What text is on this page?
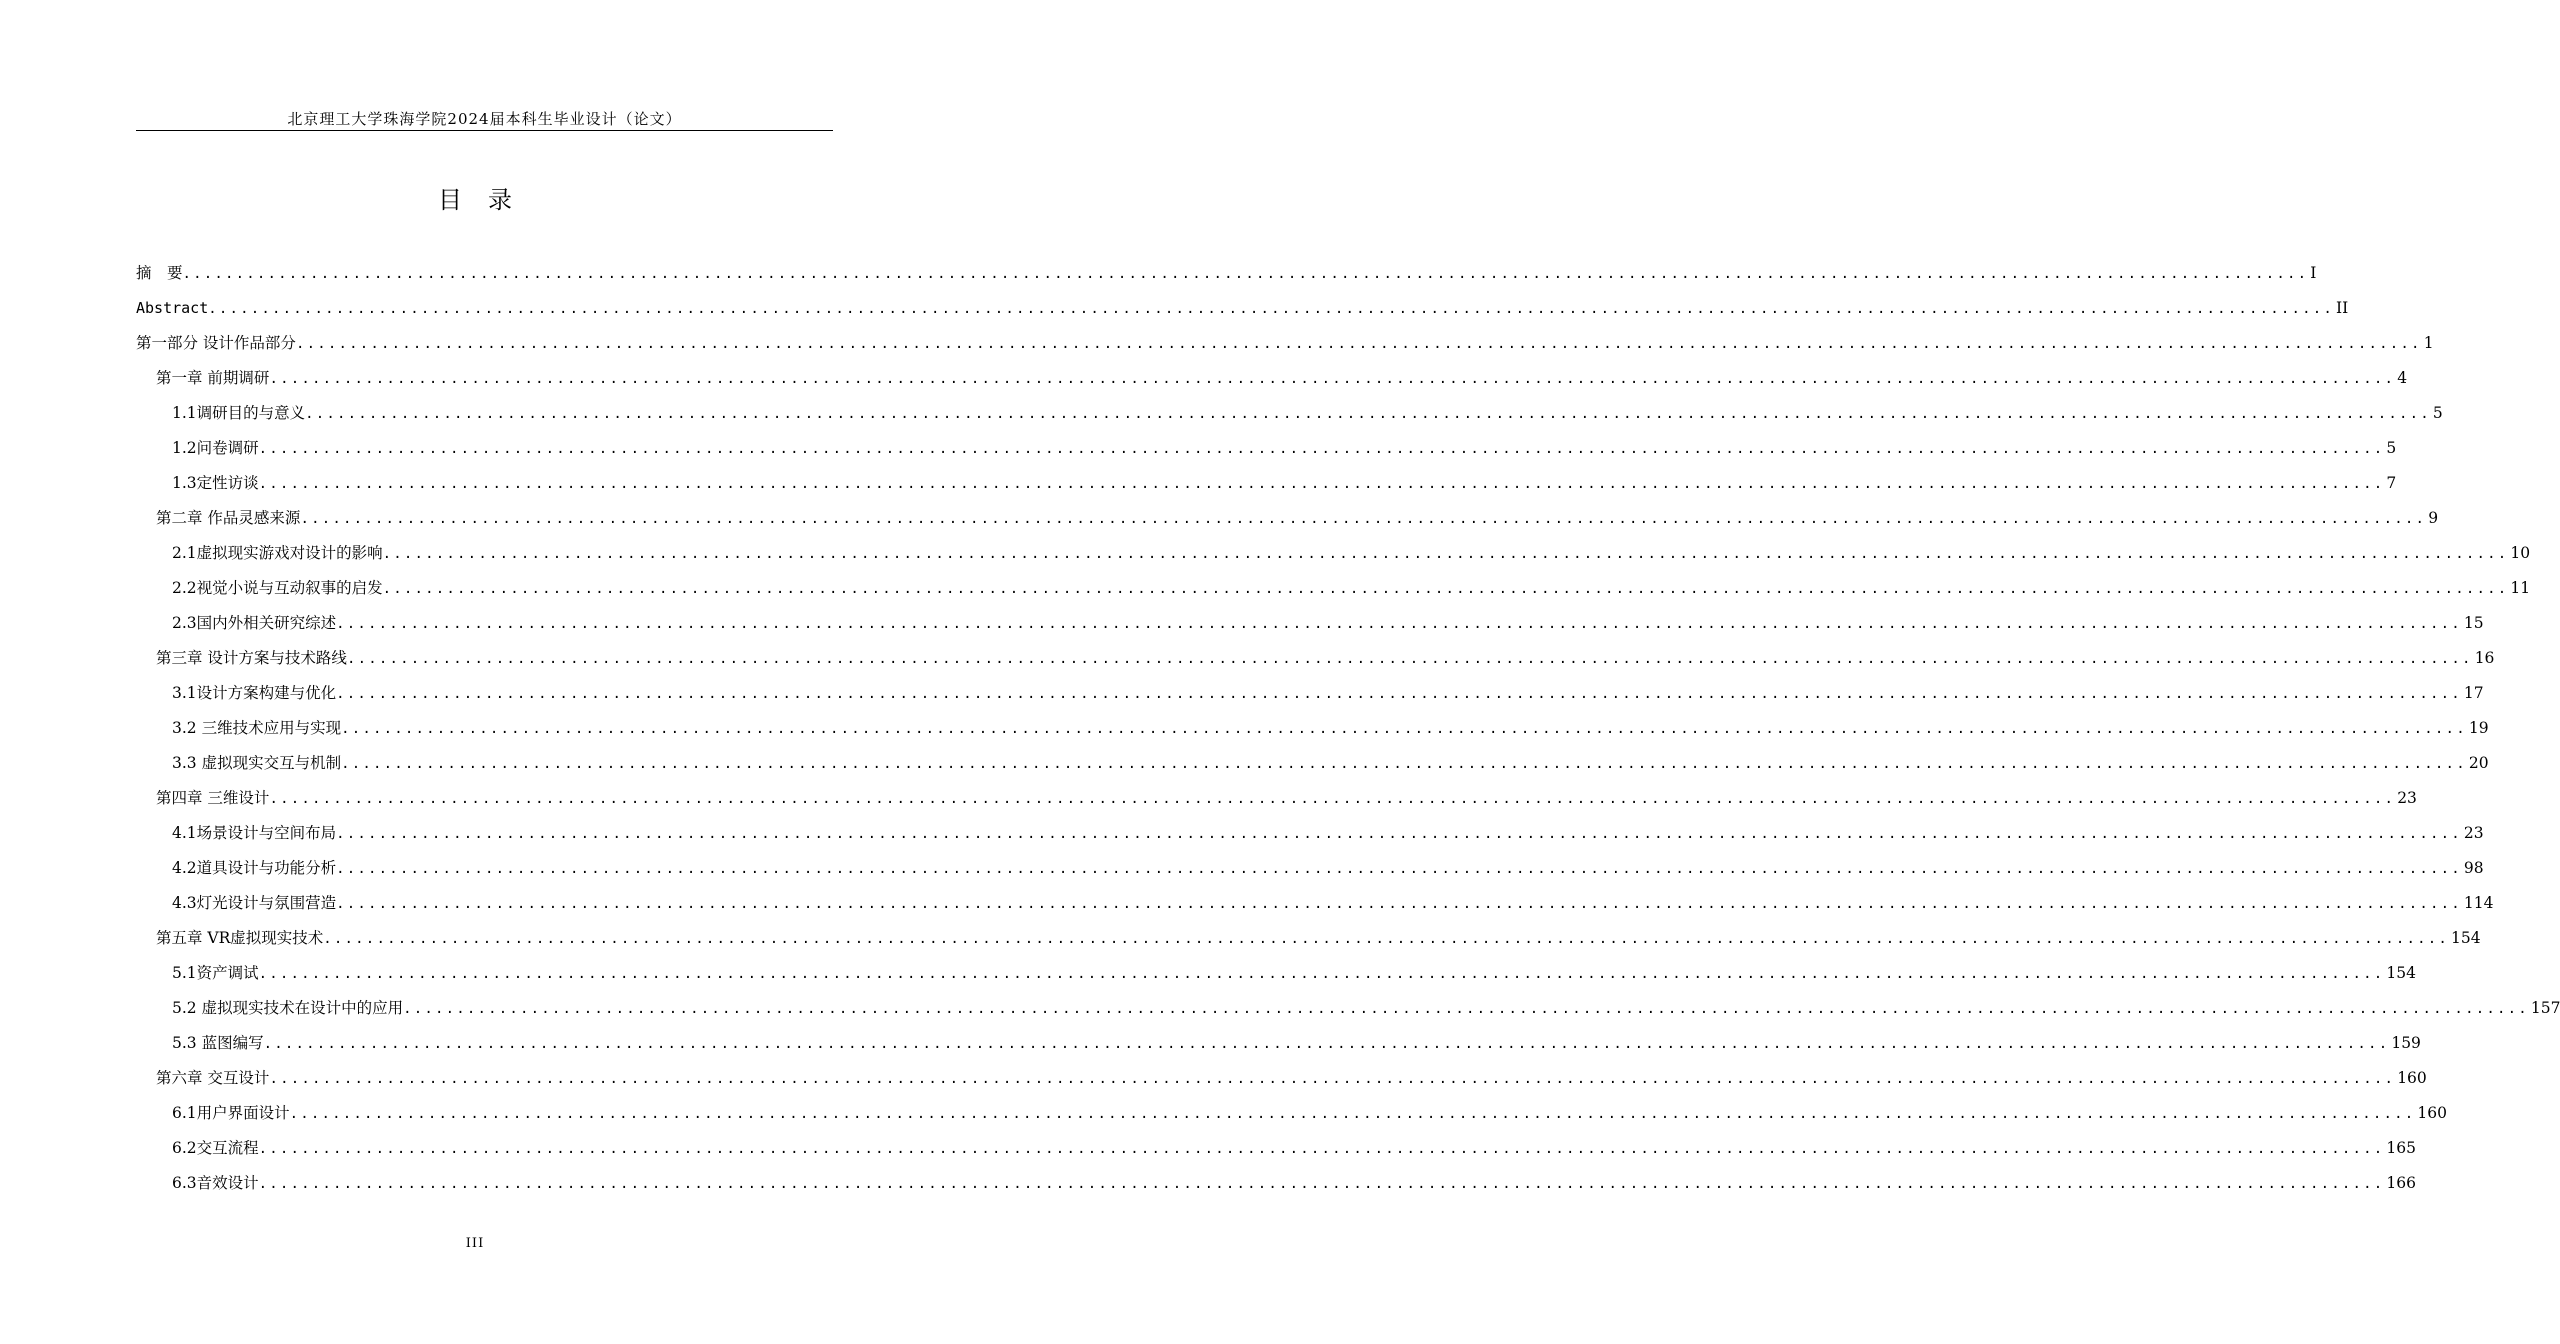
北京理工大学珠海学院2024届本科生毕业设计（论文）
目录
摘　要 ........................................................................................................................................................................................................ I
Abstract ........................................................................................................................................................................................................ II
第一部分 设计作品部分 ........................................................................................................................................................................................................ 1
第一章 前期调研 ........................................................................................................................................................................................................ 4
1.1调研目的与意义 ........................................................................................................................................................................................................ 5
1.2问卷调研 ........................................................................................................................................................................................................ 5
1.3定性访谈 ........................................................................................................................................................................................................ 7
第二章 作品灵感来源 ........................................................................................................................................................................................................ 9
2.1虚拟现实游戏对设计的影响 ........................................................................................................................................................................................................ 10
2.2视觉小说与互动叙事的启发 ........................................................................................................................................................................................................ 11
2.3国内外相关研究综述 ........................................................................................................................................................................................................ 15
第三章 设计方案与技术路线 ........................................................................................................................................................................................................ 16
3.1设计方案构建与优化 ........................................................................................................................................................................................................ 17
3.2 三维技术应用与实现 ........................................................................................................................................................................................................ 19
3.3 虚拟现实交互与机制 ........................................................................................................................................................................................................ 20
第四章 三维设计 ........................................................................................................................................................................................................ 23
4.1场景设计与空间布局 ........................................................................................................................................................................................................ 23
4.2道具设计与功能分析 ........................................................................................................................................................................................................ 98
4.3灯光设计与氛围营造 ........................................................................................................................................................................................................ 114
第五章 VR虚拟现实技术 ........................................................................................................................................................................................................ 154
5.1资产调试 ........................................................................................................................................................................................................ 154
5.2 虚拟现实技术在设计中的应用 ........................................................................................................................................................................................................ 157
5.3 蓝图编写 ........................................................................................................................................................................................................ 159
第六章 交互设计 ........................................................................................................................................................................................................ 160
6.1用户界面设计 ........................................................................................................................................................................................................ 160
6.2交互流程 ........................................................................................................................................................................................................ 165
6.3音效设计 ........................................................................................................................................................................................................ 166
III
